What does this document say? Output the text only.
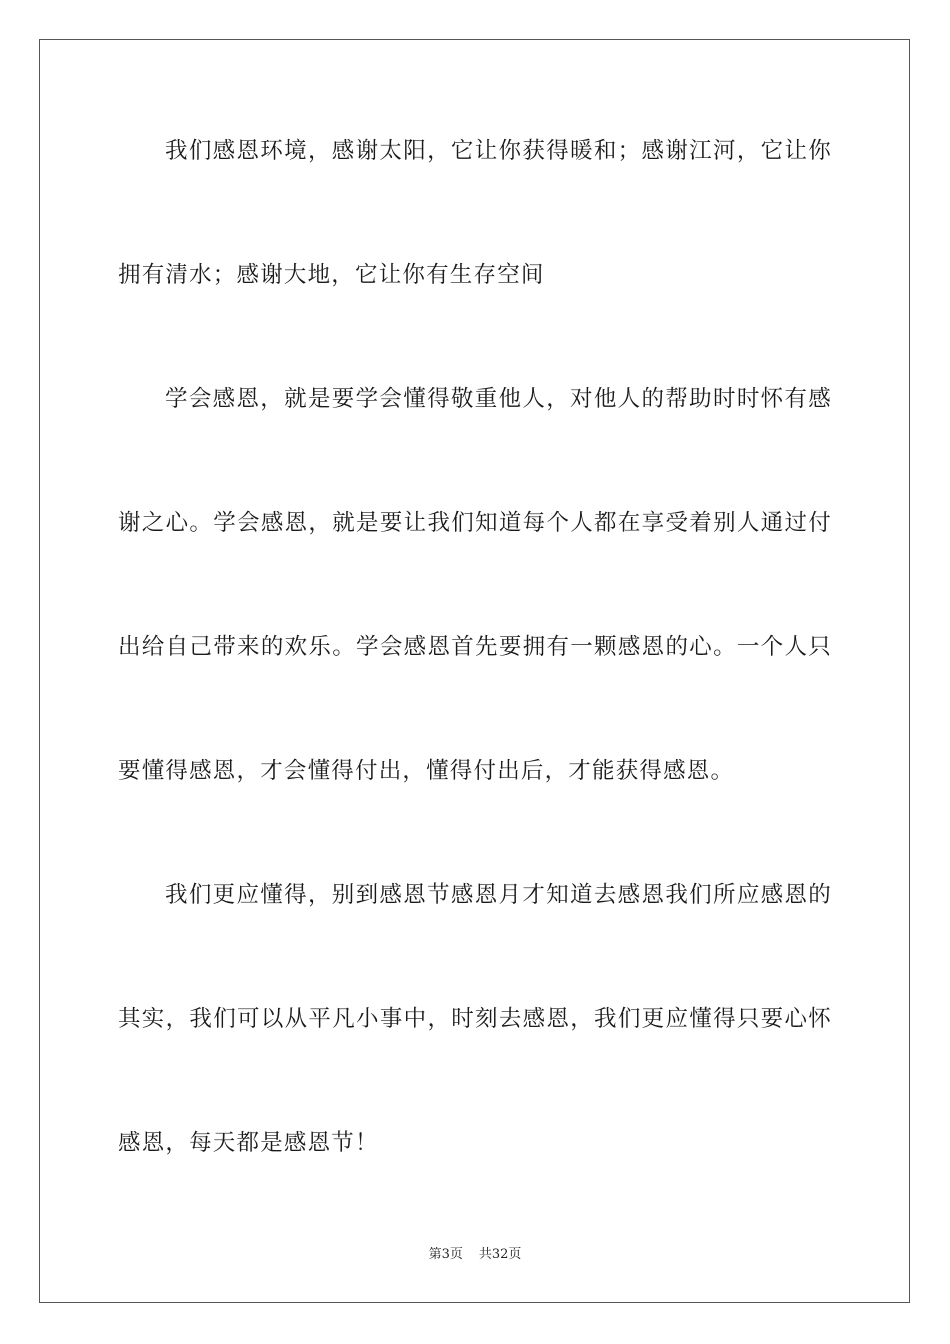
我们感恩环境，感谢太阳，它让你获得暖和；感谢江河，它让你
拥有清水；感谢大地，它让你有生存空间
学会感恩，就是要学会懂得敬重他人，对他人的帮助时时怀有感
谢之心。学会感恩，就是要让我们知道每个人都在享受着别人通过付
出给自己带来的欢乐。学会感恩首先要拥有一颗感恩的心。一个人只
要懂得感恩，才会懂得付出，懂得付出后，才能获得感恩。
我们更应懂得，别到感恩节感恩月才知道去感恩我们所应感恩的
其实，我们可以从平凡小事中，时刻去感恩，我们更应懂得只要心怀
感恩，每天都是感恩节！
第3页 共32页
